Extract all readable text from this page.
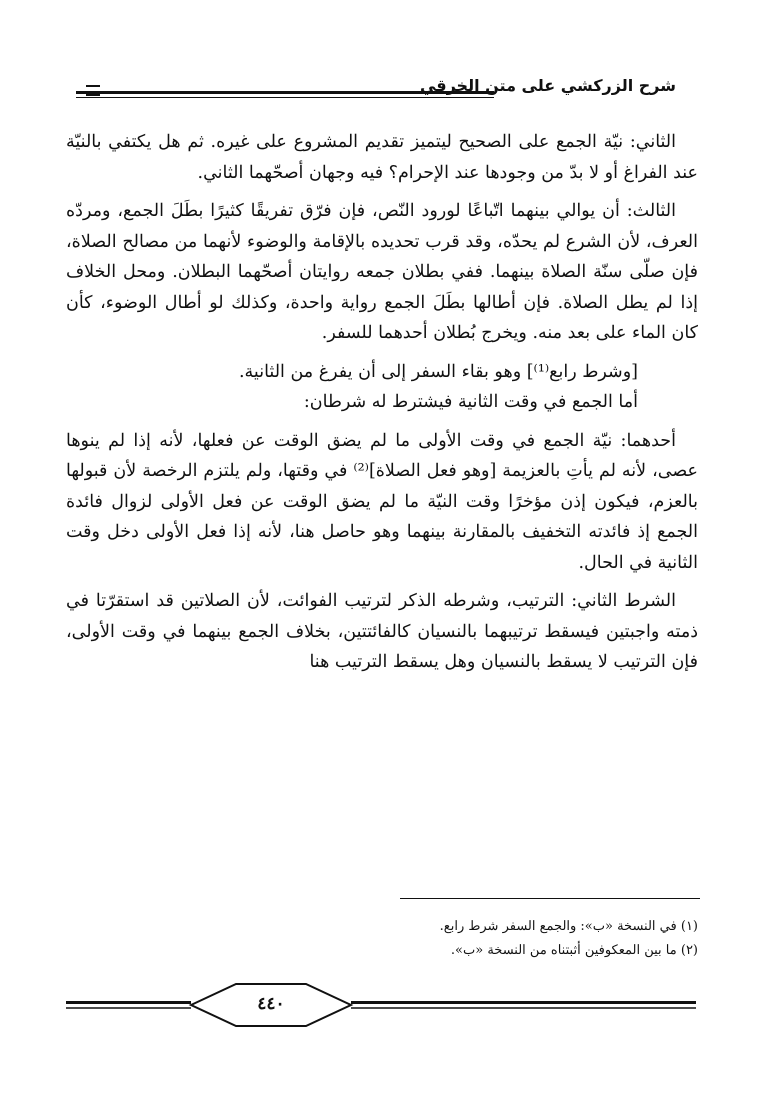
شرح الزركشي على متن الخرقي

الثاني: نيّة الجمع على الصحيح ليتميز تقديم المشروع على غيره. ثم هل يكتفي بالنيّة عند الفراغ أو لا بدّ من وجودها عند الإحرام؟ فيه وجهان أصحّهما الثاني.

الثالث: أن يوالي بينهما اتّباعًا لورود النّص، فإن فرّق تفريقًا كثيرًا بطَلَ الجمع، ومردّه العرف، لأن الشرع لم يحدّه، وقد قرب تحديده بالإقامة والوضوء لأنهما من مصالح الصلاة، فإن صلّى سنّة الصلاة بينهما. ففي بطلان جمعه روايتان أصحّهما البطلان. ومحل الخلاف إذا لم يطل الصلاة. فإن أطالها بطَلَ الجمع رواية واحدة، وكذلك لو أطال الوضوء، كأن كان الماء على بعد منه. ويخرج بُطلان أحدهما للسفر.

[وشرط رابع⁽¹⁾] وهو بقاء السفر إلى أن يفرغ من الثانية.

أما الجمع في وقت الثانية فيشترط له شرطان:

أحدهما: نيّة الجمع في وقت الأولى ما لم يضق الوقت عن فعلها، لأنه إذا لم ينوها عصى، لأنه لم يأتِ بالعزيمة [وهو فعل الصلاة]⁽²⁾ في وقتها، ولم يلتزم الرخصة لأن قبولها بالعزم، فيكون إذن مؤخرًا وقت النيّة ما لم يضق الوقت عن فعل الأولى لزوال فائدة الجمع إذ فائدته التخفيف بالمقارنة بينهما وهو حاصل هنا، لأنه إذا فعل الأولى دخل وقت الثانية في الحال.

الشرط الثاني: الترتيب، وشرطه الذكر لترتيب الفوائت، لأن الصلاتين قد استقرّتا في ذمته واجبتين فيسقط ترتيبهما بالنسيان كالفائتتين، بخلاف الجمع بينهما في وقت الأولى، فإن الترتيب لا يسقط بالنسيان وهل يسقط الترتيب هنا

(١) في النسخة «ب»: والجمع السفر شرط رابع.

(٢) ما بين المعكوفين أثبتناه من النسخة «ب».

٤٤٠
